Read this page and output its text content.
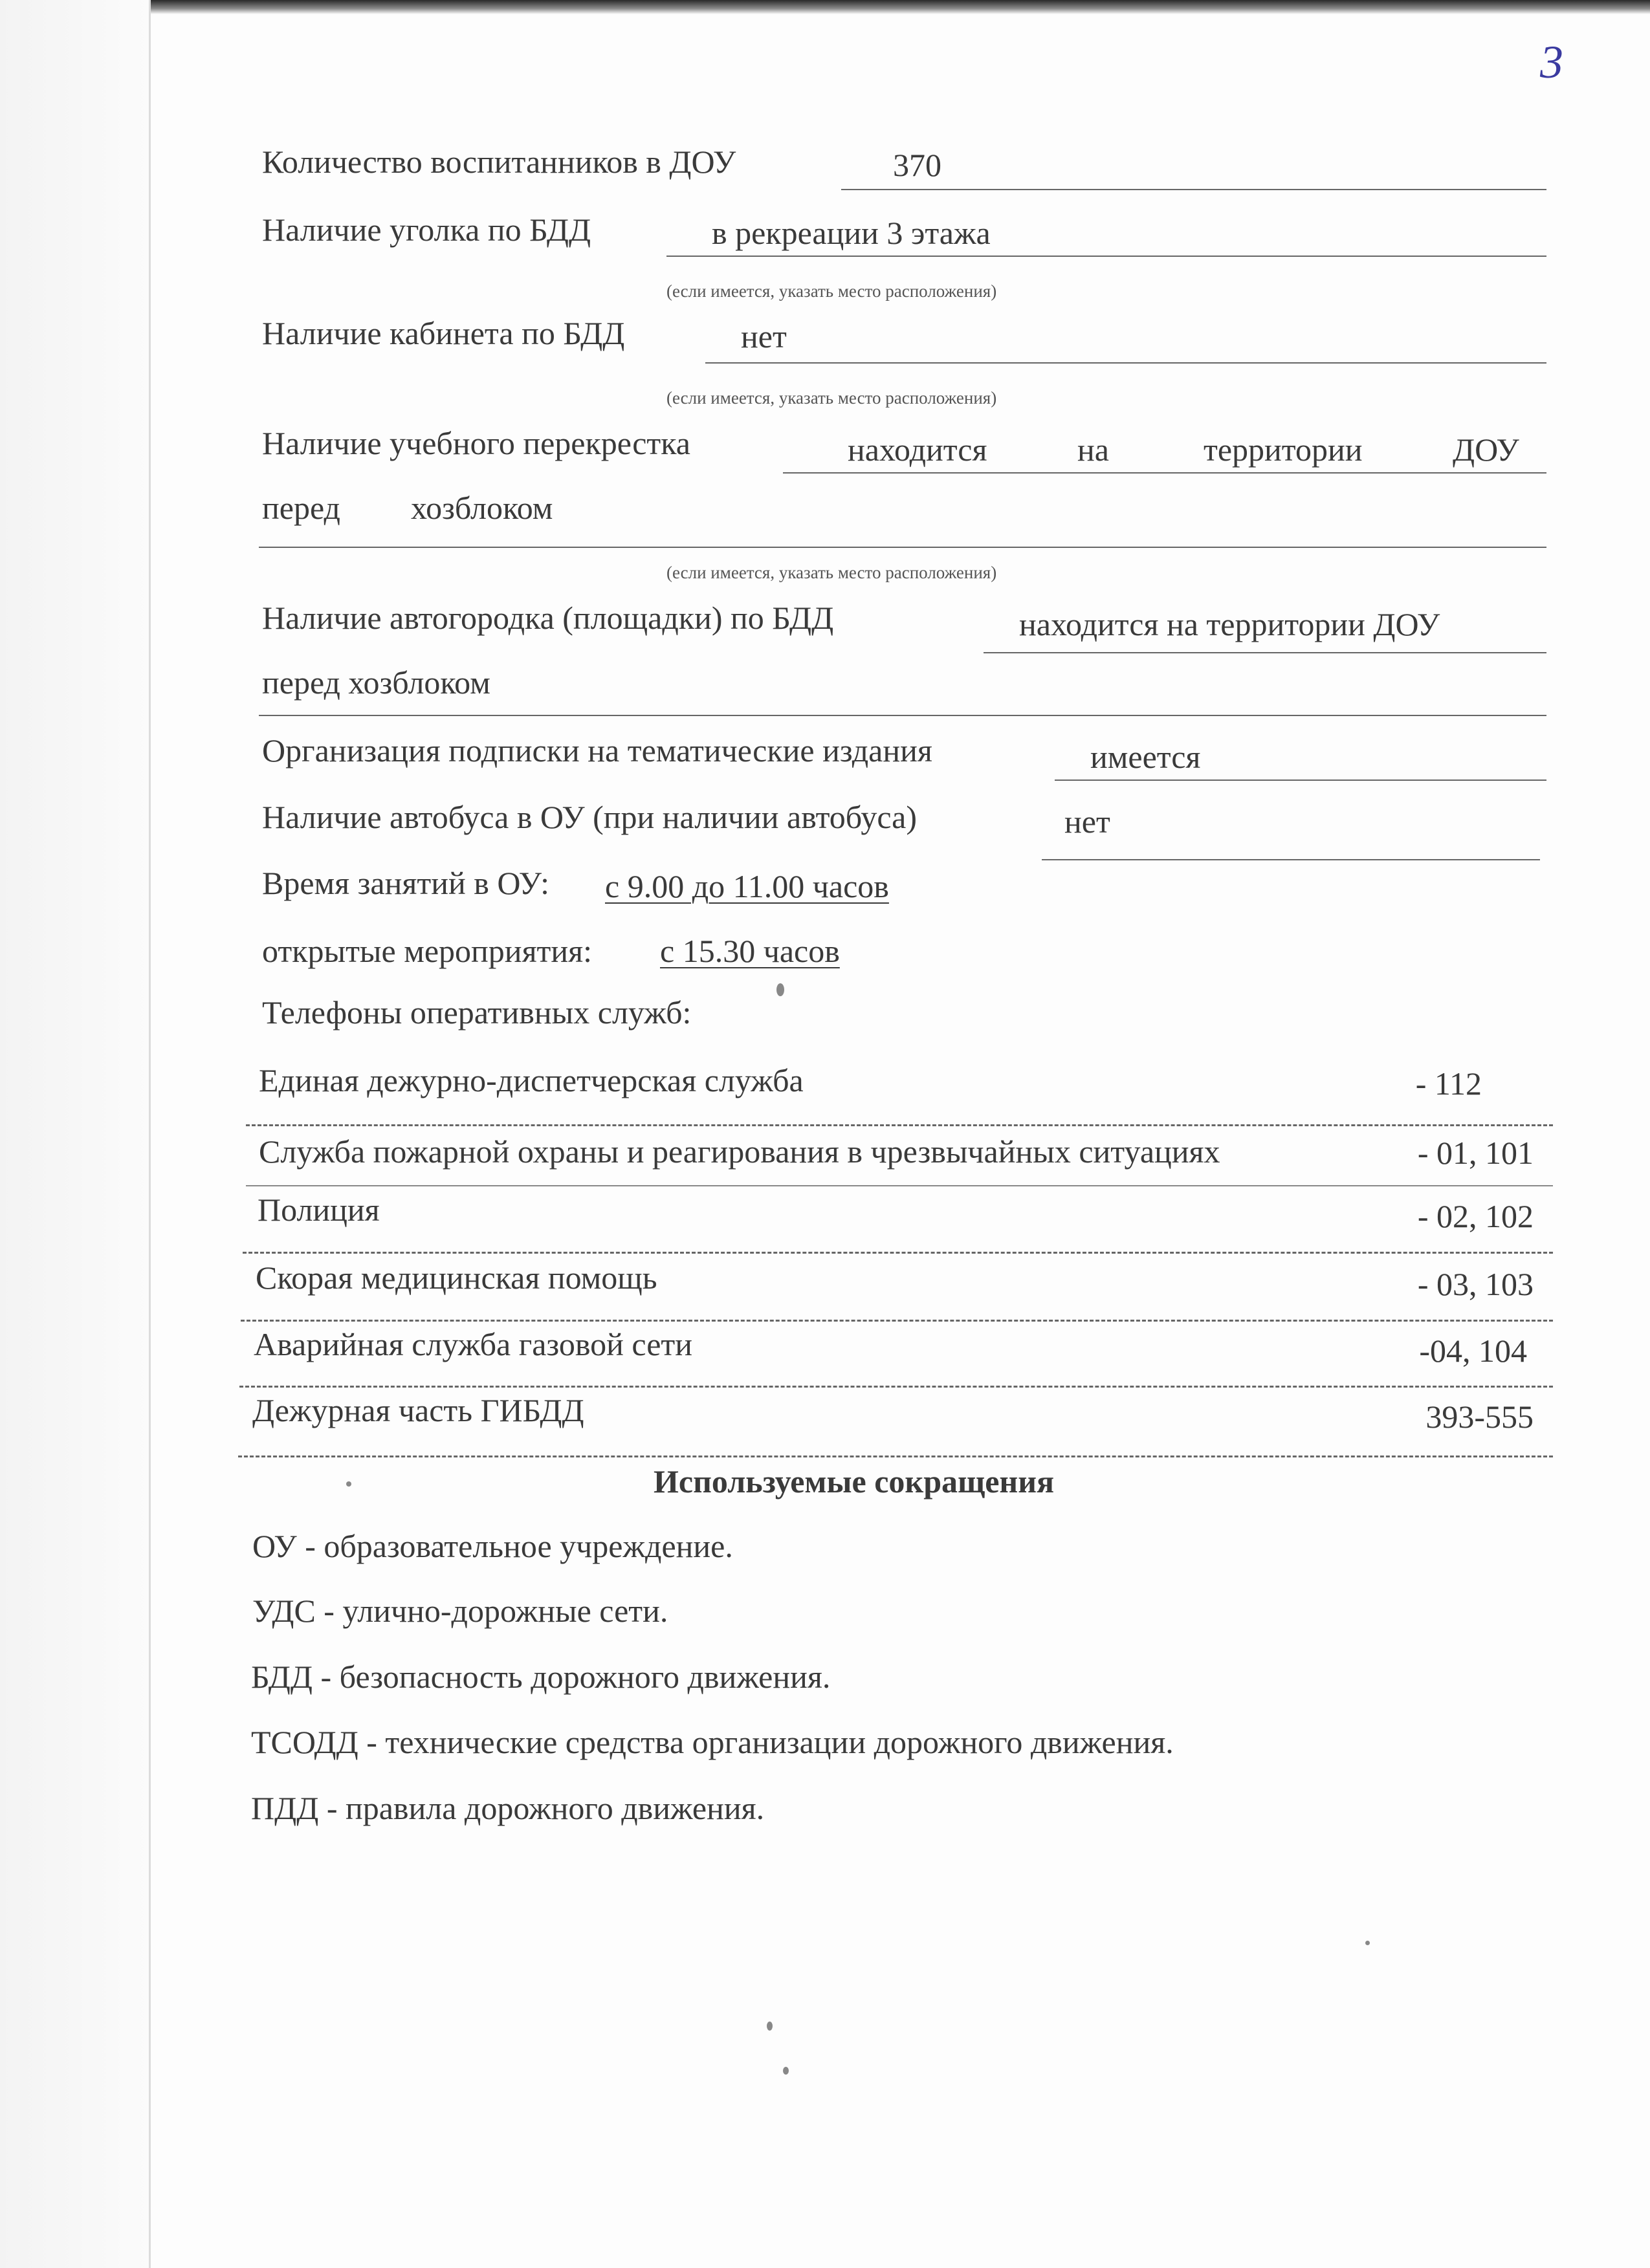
3
Количество воспитанников в ДОУ	370
Наличие уголка по БДД	в рекреации 3 этажа
(если имеется, указать место расположения)
Наличие кабинета по БДД	нет
(если имеется, указать место расположения)
Наличие учебного перекрестка	находится	на	территории	ДОУ
перед хозблоком
(если имеется, указать место расположения)
Наличие автогородка (площадки) по БДД	находится на территории ДОУ
перед хозблоком
Организация подписки на тематические издания	имеется
Наличие автобуса в ОУ (при наличии автобуса)	нет
Время занятий в ОУ: с 9.00 до 11.00 часов
открытые мероприятия: с 15.30 часов
Телефоны оперативных служб:
Единая дежурно-диспетчерская служба	- 112
Служба пожарной охраны и реагирования в чрезвычайных ситуациях	- 01, 101
Полиция	- 02, 102
Скорая медицинская помощь	- 03, 103
Аварийная служба газовой сети	-04, 104
Дежурная часть ГИБДД	393-555
Используемые сокращения
ОУ - образовательное учреждение.
УДС - улично-дорожные сети.
БДД - безопасность дорожного движения.
ТСОДД - технические средства организации дорожного движения.
ПДД - правила дорожного движения.
